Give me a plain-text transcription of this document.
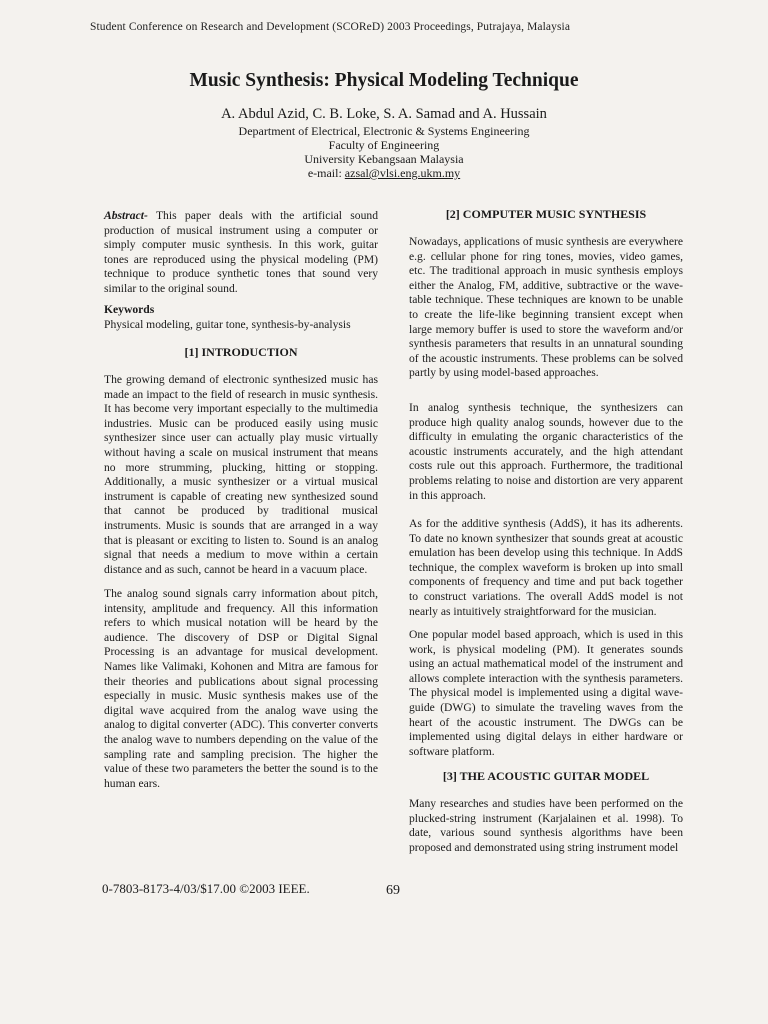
Student Conference on Research and Development (SCOReD) 2003 Proceedings, Putrajaya, Malaysia
Music Synthesis: Physical Modeling Technique
A. Abdul Azid, C. B. Loke, S. A. Samad and A. Hussain
Department of Electrical, Electronic & Systems Engineering
Faculty of Engineering
University Kebangsaan Malaysia
e-mail: azsal@vlsi.eng.ukm.my

Abstract- This paper deals with the artificial sound production of musical instrument using a computer or simply computer music synthesis. In this work, guitar tones are reproduced using the physical modeling (PM) technique to produce synthetic tones that sound very similar to the original sound.

Keywords

Physical modeling, guitar tone, synthesis-by-analysis

[1] INTRODUCTION

The growing demand of electronic synthesized music has made an impact to the field of research in music synthesis. It has become very important especially to the multimedia industries. Music can be produced easily using music synthesizer since user can actually play music virtually without having a scale on musical instrument that means no more strumming, plucking, hitting or stopping. Additionally, a music synthesizer or a virtual musical instrument is capable of creating new synthesized sound that cannot be produced by traditional musical instruments. Music is sounds that are arranged in a way that is pleasant or exciting to listen to. Sound is an analog signal that needs a medium to move within a certain distance and as such, cannot be heard in a vacuum place.

The analog sound signals carry information about pitch, intensity, amplitude and frequency. All this information refers to which musical notation will be heard by the audience. The discovery of DSP or Digital Signal Processing is an advantage for musical development. Names like Valimaki, Kohonen and Mitra are famous for their theories and publications about signal processing especially in music. Music synthesis makes use of the digital wave acquired from the analog wave using the analog to digital converter (ADC). This converter converts the analog wave to numbers depending on the value of the sampling rate and sampling precision. The higher the value of these two parameters the better the sound is to the human ears.

[2] COMPUTER MUSIC SYNTHESIS

Nowadays, applications of music synthesis are everywhere e.g. cellular phone for ring tones, movies, video games, etc. The traditional approach in music synthesis employs either the Analog, FM, additive, subtractive or the wave-table technique. These techniques are known to be unable to create the life-like beginning transient except when large memory buffer is used to store the waveform and/or synthesis parameters that results in an unnatural sounding of the acoustic instruments. These problems can be solved partly by using model-based approaches.

In analog synthesis technique, the synthesizers can produce high quality analog sounds, however due to the difficulty in emulating the organic characteristics of the acoustic instruments accurately, and the high attendant costs rule out this approach. Furthermore, the traditional problems relating to noise and distortion are very apparent in this approach.

As for the additive synthesis (AddS), it has its adherents. To date no known synthesizer that sounds great at acoustic emulation has been develop using this technique. In AddS technique, the complex waveform is broken up into small components of frequency and time and put back together to construct variations. The overall AddS model is not nearly as intuitively straightforward for the musician.

One popular model based approach, which is used in this work, is physical modeling (PM). It generates sounds using an actual mathematical model of the instrument and allows complete interaction with the synthesis parameters. The physical model is implemented using a digital wave-guide (DWG) to simulate the traveling waves from the heart of the acoustic instrument. The DWGs can be implemented using digital delays in either hardware or software platform.

[3] THE ACOUSTIC GUITAR MODEL

Many researches and studies have been performed on the plucked-string instrument (Karjalainen et al. 1998). To date, various sound synthesis algorithms have been proposed and demonstrated using string instrument model

0-7803-8173-4/03/$17.00 ©2003 IEEE.	69
